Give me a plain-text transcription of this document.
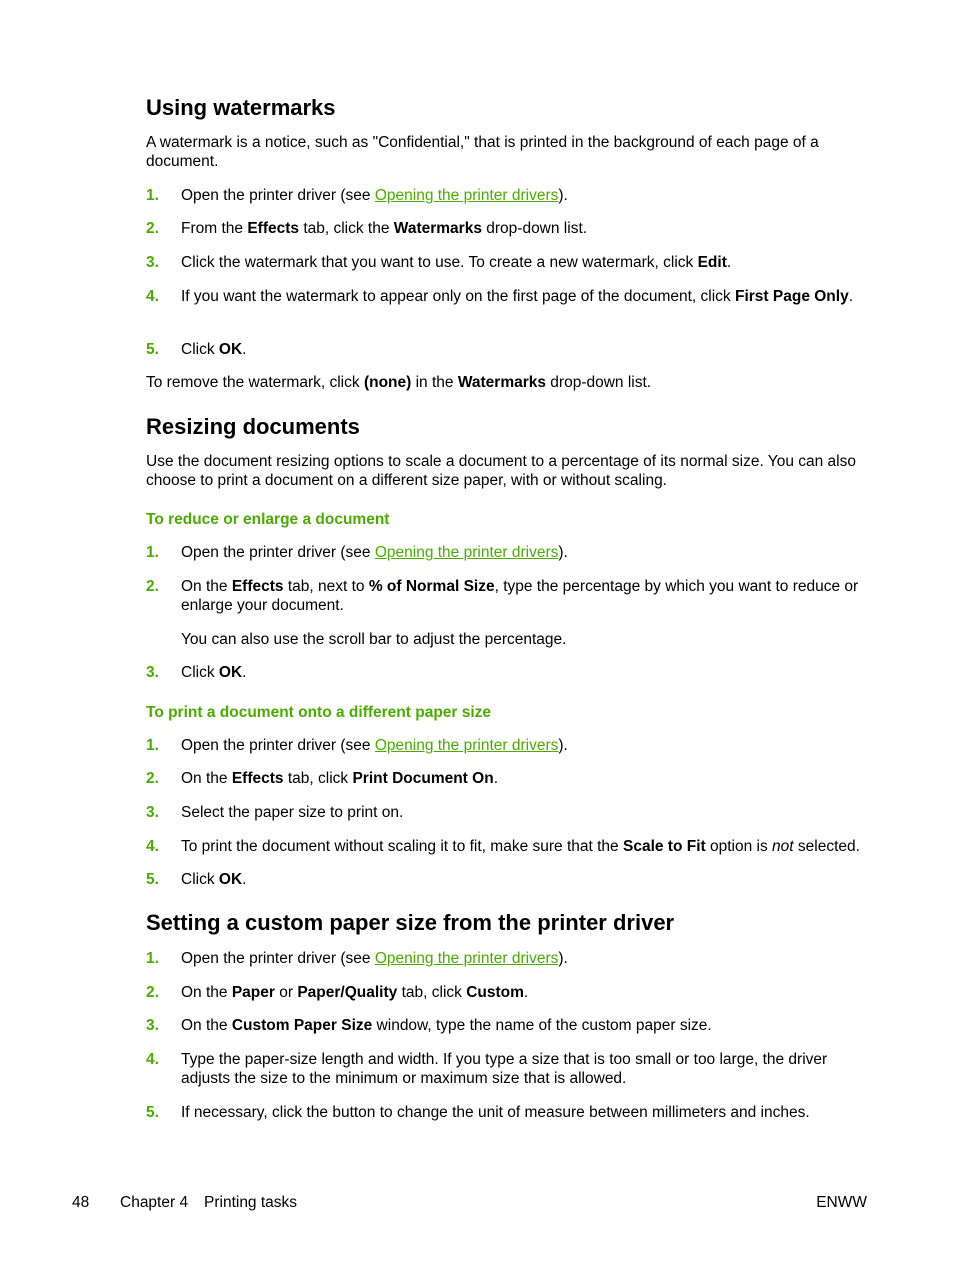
Using watermarks
A watermark is a notice, such as "Confidential," that is printed in the background of each page of a document.
1. Open the printer driver (see Opening the printer drivers).
2. From the Effects tab, click the Watermarks drop-down list.
3. Click the watermark that you want to use. To create a new watermark, click Edit.
4. If you want the watermark to appear only on the first page of the document, click First Page Only.
5. Click OK.
To remove the watermark, click (none) in the Watermarks drop-down list.
Resizing documents
Use the document resizing options to scale a document to a percentage of its normal size. You can also choose to print a document on a different size paper, with or without scaling.
To reduce or enlarge a document
1. Open the printer driver (see Opening the printer drivers).
2. On the Effects tab, next to % of Normal Size, type the percentage by which you want to reduce or enlarge your document.
You can also use the scroll bar to adjust the percentage.
3. Click OK.
To print a document onto a different paper size
1. Open the printer driver (see Opening the printer drivers).
2. On the Effects tab, click Print Document On.
3. Select the paper size to print on.
4. To print the document without scaling it to fit, make sure that the Scale to Fit option is not selected.
5. Click OK.
Setting a custom paper size from the printer driver
1. Open the printer driver (see Opening the printer drivers).
2. On the Paper or Paper/Quality tab, click Custom.
3. On the Custom Paper Size window, type the name of the custom paper size.
4. Type the paper-size length and width. If you type a size that is too small or too large, the driver adjusts the size to the minimum or maximum size that is allowed.
5. If necessary, click the button to change the unit of measure between millimeters and inches.
48 Chapter 4 Printing tasks	ENWW
